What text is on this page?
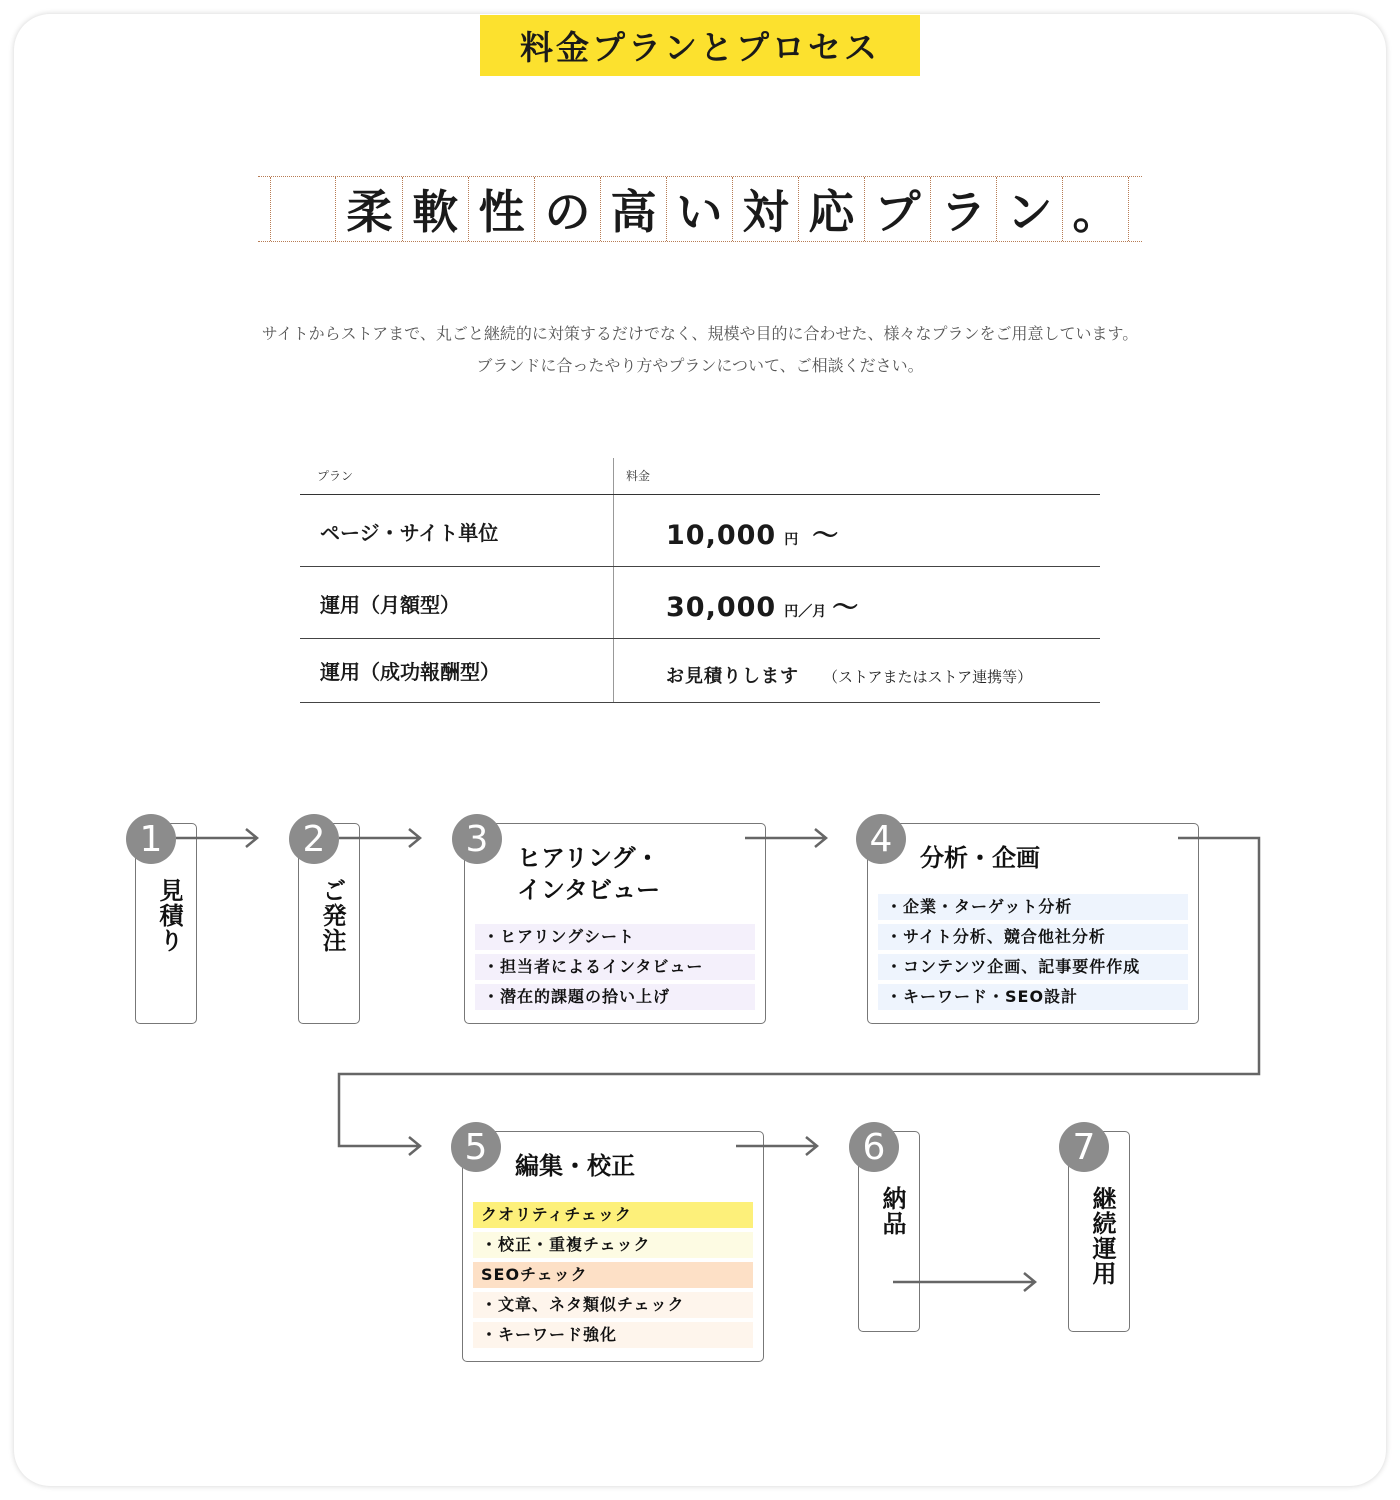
料金プランとプロセス
柔 軟 性 の 高 い 対 応 プ ラ ン 。
サイトからストアまで、丸ごと継続的に対策するだけでなく、規模や目的に合わせた、様々なプランをご用意しています。
ブランドに合ったやり方やプランについて、ご相談ください。
プラン	料金
ページ・サイト単位	10,000 円 〜
運用（月額型）	30,000 円／月 〜
運用（成功報酬型）	お見積りします （ストアまたはストア連携等）
1
見積り
2
ご発注
3	ヒアリング・
インタビュー
・ヒアリングシート
・担当者によるインタビュー
・潜在的課題の拾い上げ
4	分析・企画
・企業・ターゲット分析
・サイト分析、競合他社分析
・コンテンツ企画、記事要件作成
・キーワード・SEO設計
5	編集・校正
クオリティチェック
・校正・重複チェック
SEOチェック
・文章、ネタ類似チェック
・キーワード強化
6
納品
7
継続運用
